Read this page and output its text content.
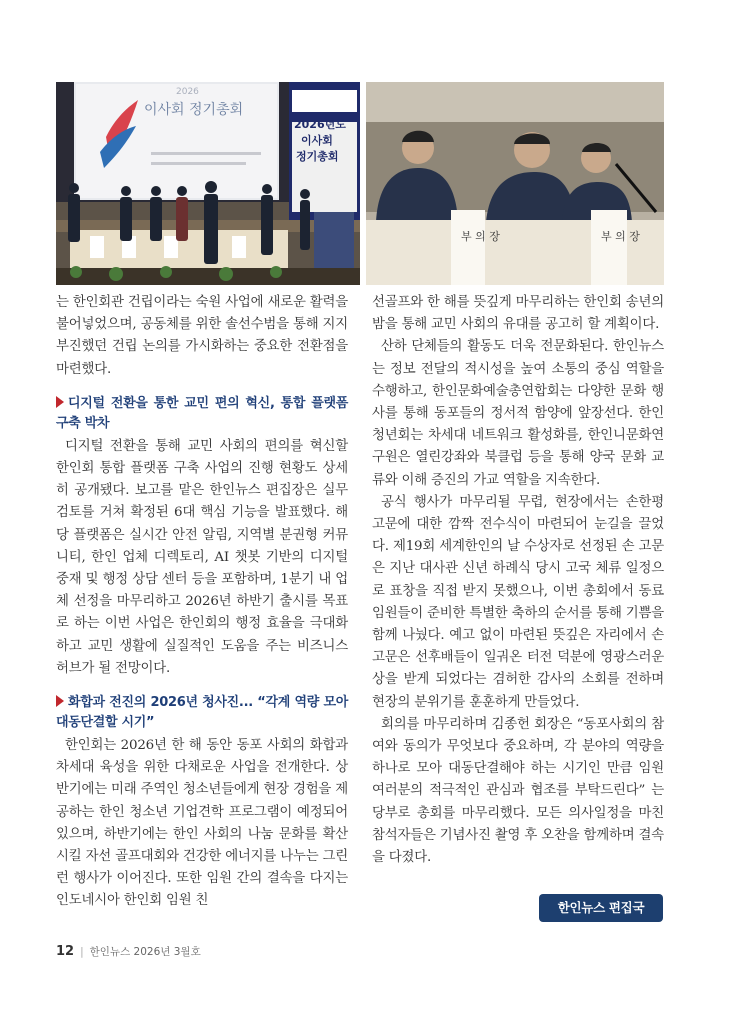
2026
이사회 정기총회
2026년도
이사회
정기총회
부 의 장	부 의 장

는 한인회관 건립이라는 숙원 사업에 새로운 활력을 불어넣었으며, 공동체를 위한 솔선수범을 통해 지지부진했던 건립 논의를 가시화하는 중요한 전환점을 마련했다.

디지털 전환을 통한 교민 편의 혁신, 통합 플랫폼 구축 박차

디지털 전환을 통해 교민 사회의 편의를 혁신할 한인회 통합 플랫폼 구축 사업의 진행 현황도 상세히 공개됐다. 보고를 맡은 한인뉴스 편집장은 실무 검토를 거쳐 확정된 6대 핵심 기능을 발표했다. 해당 플랫폼은 실시간 안전 알림, 지역별 분권형 커뮤니티, 한인 업체 디렉토리, AI 챗봇 기반의 디지털 중재 및 행정 상담 센터 등을 포함하며, 1분기 내 업체 선정을 마무리하고 2026년 하반기 출시를 목표로 하는 이번 사업은 한인회의 행정 효율을 극대화하고 교민 생활에 실질적인 도움을 주는 비즈니스 허브가 될 전망이다.

화합과 전진의 2026년 청사진... “각계 역량 모아 대동단결할 시기”

한인회는 2026년 한 해 동안 동포 사회의 화합과 차세대 육성을 위한 다채로운 사업을 전개한다. 상반기에는 미래 주역인 청소년들에게 현장 경험을 제공하는 한인 청소년 기업견학 프로그램이 예정되어 있으며, 하반기에는 한인 사회의 나눔 문화를 확산시킬 자선 골프대회와 건강한 에너지를 나누는 그린런 행사가 이어진다. 또한 임원 간의 결속을 다지는 인도네시아 한인회 임원 친

선골프와 한 해를 뜻깊게 마무리하는 한인회 송년의 밤을 통해 교민 사회의 유대를 공고히 할 계획이다.

산하 단체들의 활동도 더욱 전문화된다. 한인뉴스는 정보 전달의 적시성을 높여 소통의 중심 역할을 수행하고, 한인문화예술총연합회는 다양한 문화 행사를 통해 동포들의 정서적 함양에 앞장선다. 한인청년회는 차세대 네트워크 활성화를, 한인니문화연구원은 열린강좌와 북클럽 등을 통해 양국 문화 교류와 이해 증진의 가교 역할을 지속한다.

공식 행사가 마무리될 무렵, 현장에서는 손한평 고문에 대한 깜짝 전수식이 마련되어 눈길을 끌었다. 제19회 세계한인의 날 수상자로 선정된 손 고문은 지난 대사관 신년 하례식 당시 고국 체류 일정으로 표창을 직접 받지 못했으나, 이번 총회에서 동료 임원들이 준비한 특별한 축하의 순서를 통해 기쁨을 함께 나눴다. 예고 없이 마련된 뜻깊은 자리에서 손 고문은 선후배들이 일궈온 터전 덕분에 영광스러운 상을 받게 되었다는 겸허한 감사의 소회를 전하며 현장의 분위기를 훈훈하게 만들었다.

회의를 마무리하며 김종헌 회장은 “동포사회의 참여와 동의가 무엇보다 중요하며, 각 분야의 역량을 하나로 모아 대동단결해야 하는 시기인 만큼 임원 여러분의 적극적인 관심과 협조를 부탁드린다” 는 당부로 총회를 마무리했다. 모든 의사일정을 마친 참석자들은 기념사진 촬영 후 오찬을 함께하며 결속을 다졌다.

한인뉴스 편집국
12 | 한인뉴스 2026년 3월호
